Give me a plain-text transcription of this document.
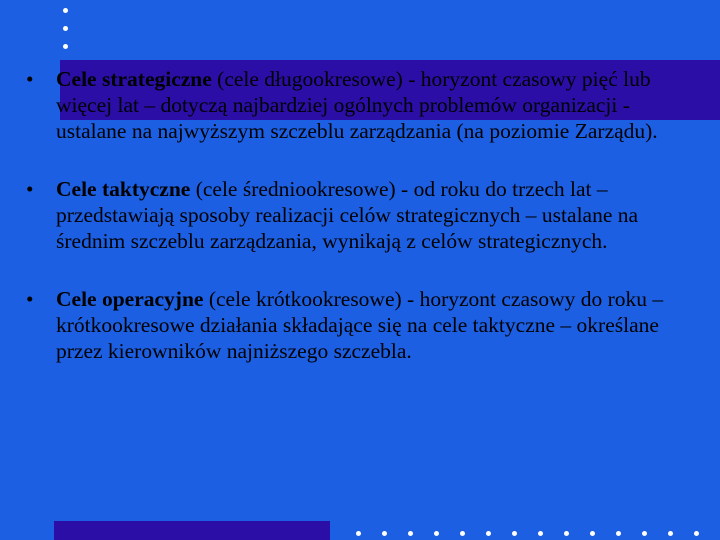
•	Cele strategiczne (cele długookresowe) - horyzont czasowy pięć lub więcej lat – dotyczą najbardziej ogólnych problemów organizacji - ustalane na najwyższym szczeblu zarządzania (na poziomie Zarządu).
•	Cele taktyczne (cele średniookresowe) - od roku do trzech lat – przedstawiają sposoby realizacji celów strategicznych – ustalane na średnim szczeblu zarządzania, wynikają z celów strategicznych.
•	Cele operacyjne (cele krótkookresowe) - horyzont czasowy do roku – krótkookresowe działania składające się na cele taktyczne – określane przez kierowników najniższego szczebla.
